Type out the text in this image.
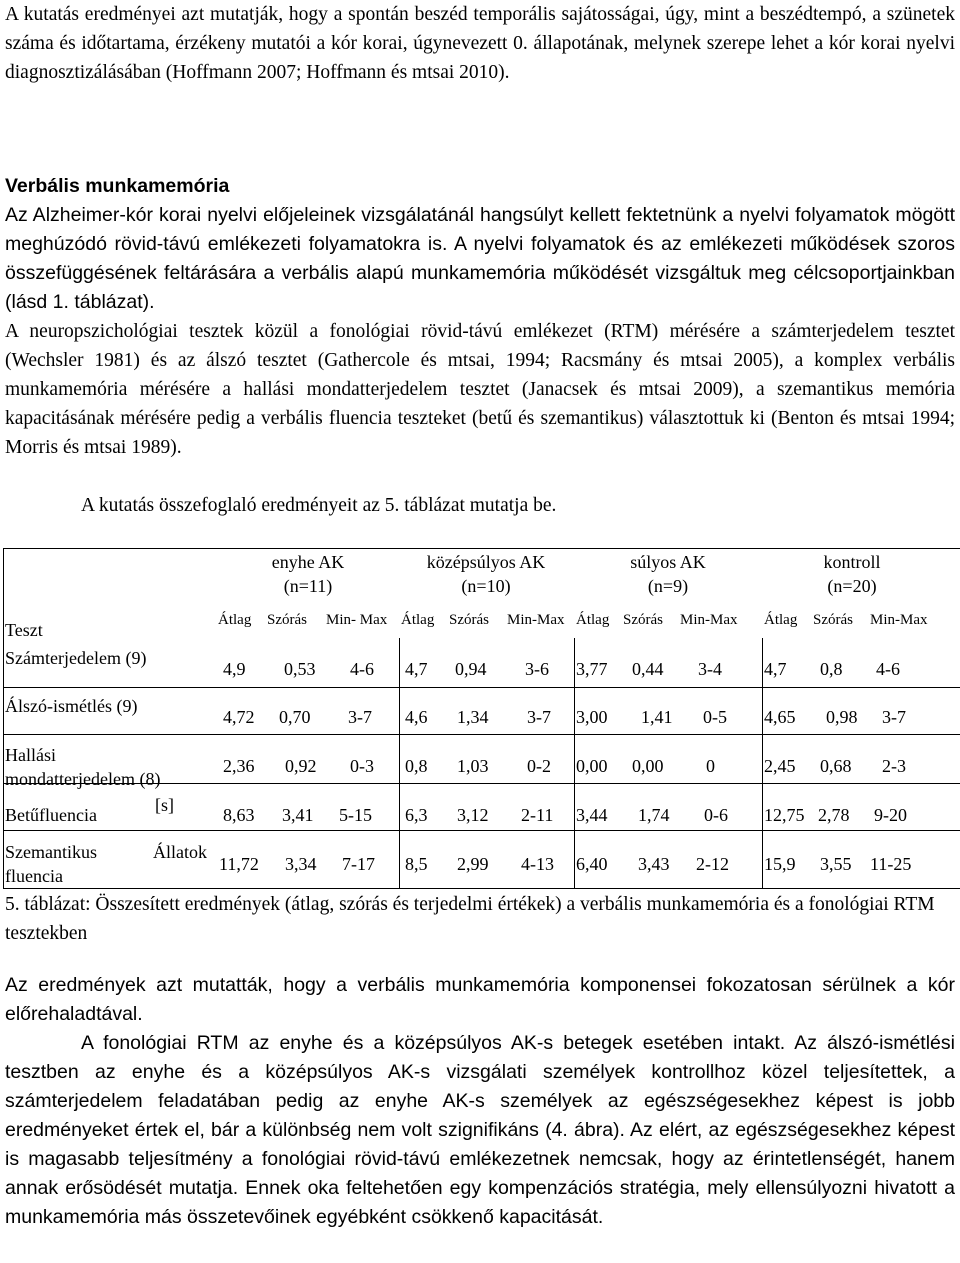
A kutatás eredményei azt mutatják, hogy a spontán beszéd temporális sajátosságai, úgy, mint a beszédtempó, a szünetek száma és időtartama, érzékeny mutatói a kór korai, úgynevezett 0. állapotának, melynek szerepe lehet a kór korai nyelvi diagnosztizálásában (Hoffmann 2007; Hoffmann és mtsai 2010).

Verbális munkamemória

Az Alzheimer-kór korai nyelvi előjeleinek vizsgálatánál hangsúlyt kellett fektetnünk a nyelvi folyamatok mögött meghúzódó rövid-távú emlékezeti folyamatokra is. A nyelvi folyamatok és az emlékezeti működések szoros összefüggésének feltárására a verbális alapú munkamemória működését vizsgáltuk meg célcsoportjainkban (lásd 1. táblázat).

A neuropszichológiai tesztek közül a fonológiai rövid-távú emlékezet (RTM) mérésére a számterjedelem tesztet (Wechsler 1981) és az álszó tesztet (Gathercole és mtsai, 1994; Racsmány és mtsai 2005), a komplex verbális munkamemória mérésére a hallási mondatterjedelem tesztet (Janacsek és mtsai 2009), a szemantikus memória kapacitásának mérésére pedig a verbális fluencia teszteket (betű és szemantikus) választottuk ki (Benton és mtsai 1994; Morris és mtsai 1989).

A kutatás összefoglaló eredményeit az 5. táblázat mutatja be.

enyhe AK
(n=11)
középsúlyos AK
(n=10)
súlyos AK
(n=9)
kontroll
(n=20)
Átlag Szórás Min- Max Átlag Szórás Min-Max Átlag Szórás Min-Max Átlag Szórás Min-Max
Teszt
Számterjedelem (9)
Álszó-ismétlés (9)
Hallási
mondatterjedelem (8)
Betűfluencia	[s]
Szemantikus
fluencia
Állatok
4,9 0,53 4-6 4,7 0,94 3-6 3,77 0,44 3-4 4,7 0,8 4-6
4,72 0,70 3-7 4,6 1,34 3-7 3,00 1,41 0-5 4,65 0,98 3-7
2,36 0,92 0-3 0,8 1,03 0-2 0,00 0,00 0	2,45 0,68 2-3
8,63 3,41 5-15 6,3 3,12 2-11 3,44 1,74 0-6 12,75 2,78 9-20
11,72 3,34 7-17 8,5 2,99 4-13 6,40 3,43 2-12 15,9 3,55 11-25

5. táblázat: Összesített eredmények (átlag, szórás és terjedelmi értékek) a verbális munkamemória és a fonológiai RTM tesztekben

Az eredmények azt mutatták, hogy a verbális munkamemória komponensei fokozatosan sérülnek a kór előrehaladtával.

A fonológiai RTM az enyhe és a középsúlyos AK-s betegek esetében intakt. Az álszó-ismétlési tesztben az enyhe és a középsúlyos AK-s vizsgálati személyek kontrollhoz közel teljesítettek, a számterjedelem feladatában pedig az enyhe AK-s személyek az egészségesekhez képest is jobb eredményeket értek el, bár a különbség nem volt szignifikáns (4. ábra). Az elért, az egészségesekhez képest is magasabb teljesítmény a fonológiai rövid-távú emlékezetnek nemcsak, hogy az érintetlenségét, hanem annak erősödését mutatja. Ennek oka feltehetően egy kompenzációs stratégia, mely ellensúlyozni hivatott a munkamemória más összetevőinek egyébként csökkenő kapacitását.
